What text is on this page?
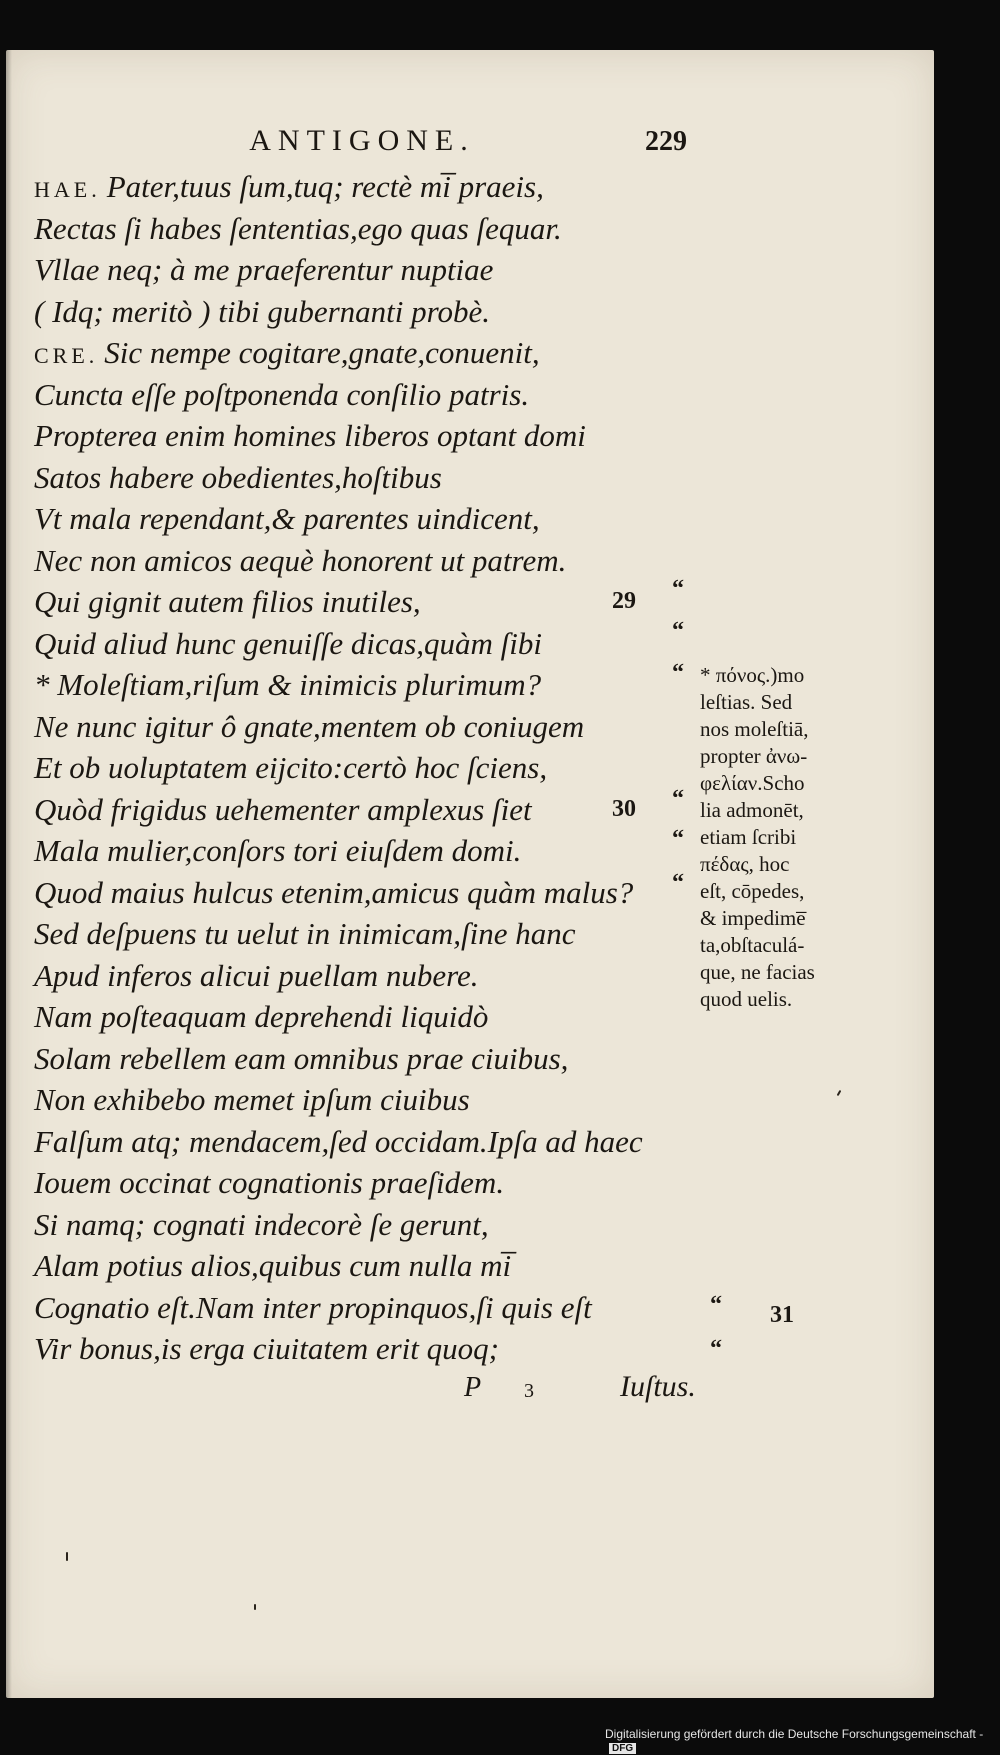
ANTIGONE.	229
HAE. Pater,tuus ſum,tuq; rectè mi̅ praeis,
Rectas ſi habes ſententias,ego quas ſequar.
Vllae neq; à me praeferentur nuptiae
( Idq; meritò ) tibi gubernanti probè.
CRE. Sic nempe cogitare,gnate,conuenit,
Cuncta eſſe poſtponenda conſilio patris.
Propterea enim homines liberos optant domi
Satos habere obedientes,hoſtibus
Vt mala rependant,& parentes uindicent,
Nec non amicos aequè honorent ut patrem.
Qui gignit autem filios inutiles,
Quid aliud hunc genuiſſe dicas,quàm ſibi
* Moleſtiam,riſum & inimicis plurimum?
Ne nunc igitur ô gnate,mentem ob coniugem
Et ob uoluptatem eijcito:certò hoc ſciens,
Quòd frigidus uehementer amplexus ſiet
Mala mulier,conſors tori eiuſdem domi.
Quod maius hulcus etenim,amicus quàm malus?
Sed deſpuens tu uelut in inimicam,ſine hanc
Apud inferos alicui puellam nubere.
Nam poſteaquam deprehendi liquidò
Solam rebellem eam omnibus prae ciuibus,
Non exhibebo memet ipſum ciuibus
Falſum atq; mendacem,ſed occidam.Ipſa ad haec
Iouem occinat cognationis praeſidem.
Si namq; cognati indecorè ſe gerunt,
Alam potius alios,quibus cum nulla mi̅
Cognatio eſt.Nam inter propinquos,ſi quis eſt
Vir bonus,is erga ciuitatem erit quoq;
29
30
31
“
“
“
“
“
“
“
“
* πόνος.)mo
leſtias. Sed
nos moleſtiā,
propter ἀνω-
φελίαν.Scho
lia admonēt,
etiam ſcribi
πέδας, hoc
eſt, cōpedes,
& impedime̅
ta,obſtaculá-
que, ne facias
quod uelis.
P 3	Iuſtus.
Digitalisierung gefördert durch die Deutsche Forschungsgemeinschaft -DFG
